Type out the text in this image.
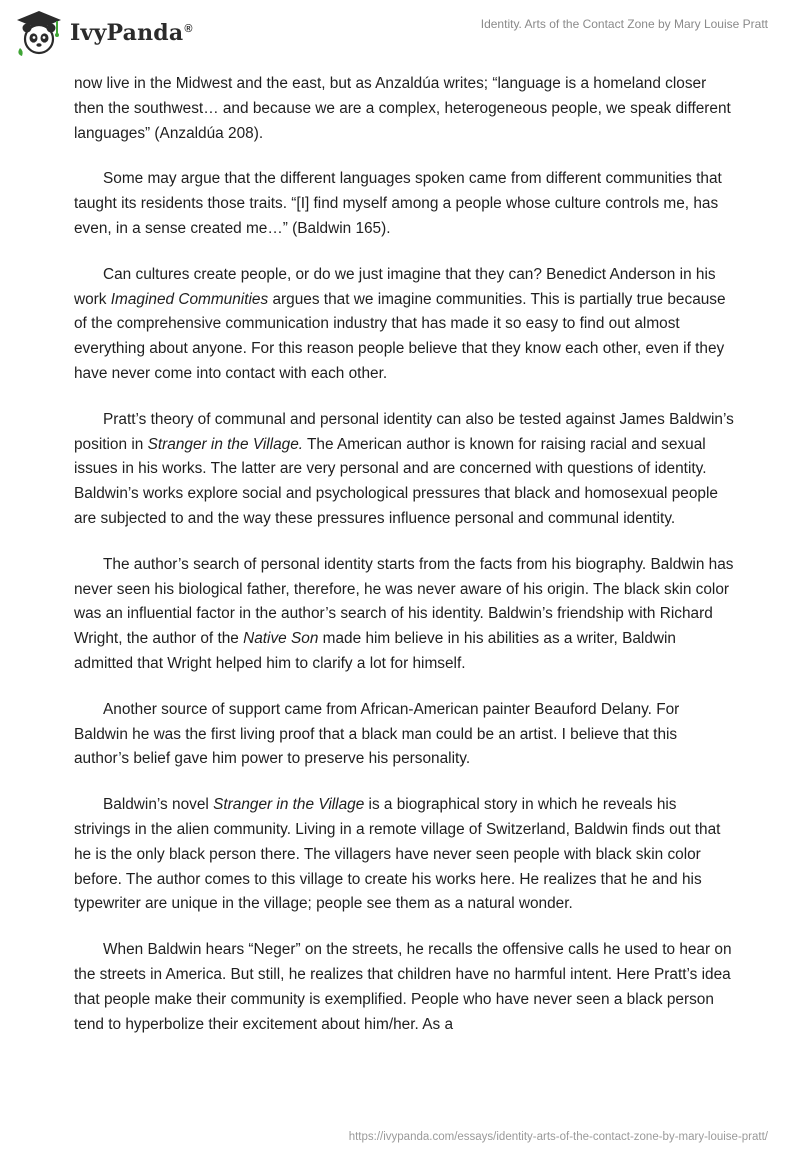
IvyPanda®	Identity. Arts of the Contact Zone by Mary Louise Pratt

now live in the Midwest and the east, but as Anzaldúa writes; “language is a homeland closer then the southwest… and because we are a complex, heterogeneous people, we speak different languages” (Anzaldúa 208).

Some may argue that the different languages spoken came from different communities that taught its residents those traits. “[I] find myself among a people whose culture controls me, has even, in a sense created me…” (Baldwin 165).

Can cultures create people, or do we just imagine that they can? Benedict Anderson in his work Imagined Communities argues that we imagine communities. This is partially true because of the comprehensive communication industry that has made it so easy to find out almost everything about anyone. For this reason people believe that they know each other, even if they have never come into contact with each other.

Pratt’s theory of communal and personal identity can also be tested against James Baldwin’s position in Stranger in the Village. The American author is known for raising racial and sexual issues in his works. The latter are very personal and are concerned with questions of identity. Baldwin’s works explore social and psychological pressures that black and homosexual people are subjected to and the way these pressures influence personal and communal identity.

The author’s search of personal identity starts from the facts from his biography. Baldwin has never seen his biological father, therefore, he was never aware of his origin. The black skin color was an influential factor in the author’s search of his identity. Baldwin’s friendship with Richard Wright, the author of the Native Son made him believe in his abilities as a writer, Baldwin admitted that Wright helped him to clarify a lot for himself.

Another source of support came from African-American painter Beauford Delany. For Baldwin he was the first living proof that a black man could be an artist. I believe that this author’s belief gave him power to preserve his personality.

Baldwin’s novel Stranger in the Village is a biographical story in which he reveals his strivings in the alien community. Living in a remote village of Switzerland, Baldwin finds out that he is the only black person there. The villagers have never seen people with black skin color before. The author comes to this village to create his works here. He realizes that he and his typewriter are unique in the village; people see them as a natural wonder.

When Baldwin hears “Neger” on the streets, he recalls the offensive calls he used to hear on the streets in America. But still, he realizes that children have no harmful intent. Here Pratt’s idea that people make their community is exemplified. People who have never seen a black person tend to hyperbolize their excitement about him/her. As a

https://ivypanda.com/essays/identity-arts-of-the-contact-zone-by-mary-louise-pratt/
